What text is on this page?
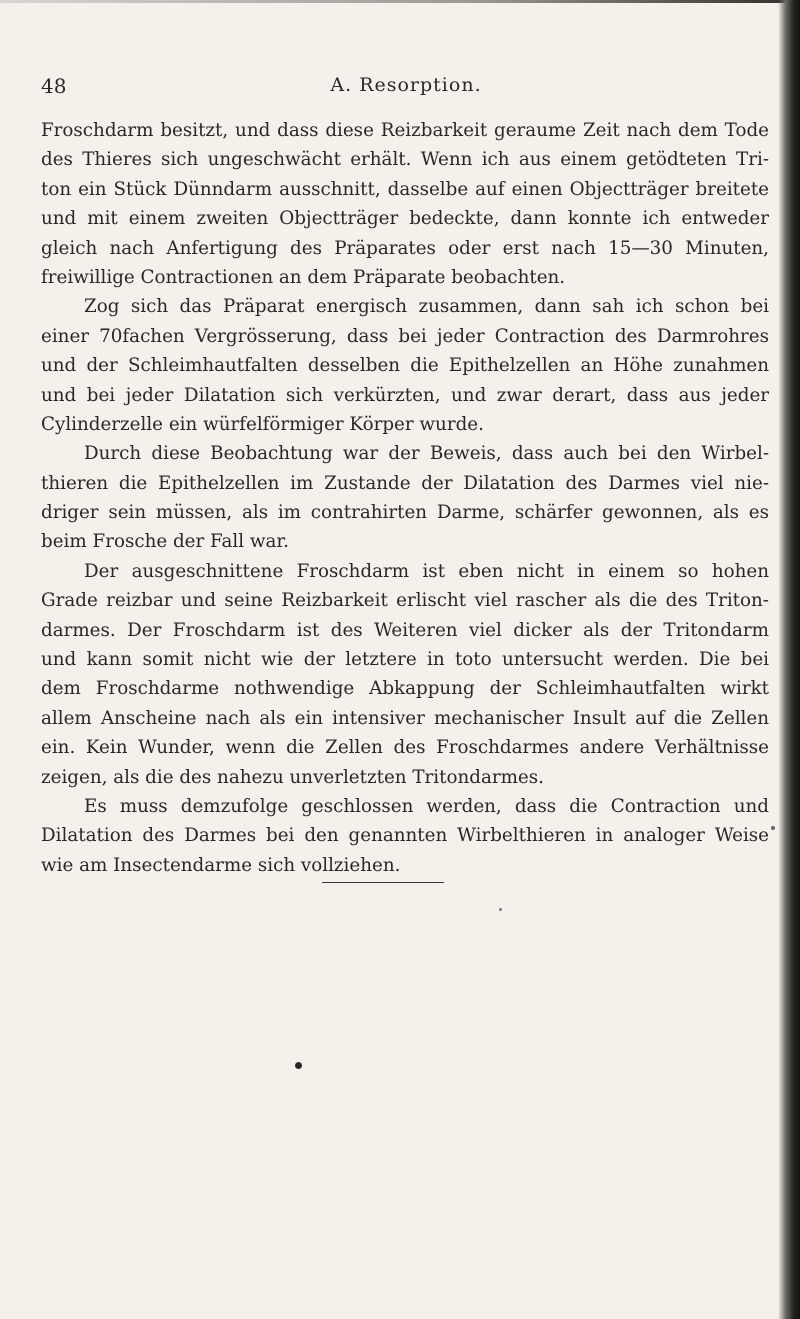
48	A. Resorption.
Froschdarm besitzt, und dass diese Reizbarkeit geraume Zeit nach dem Tode
des Thieres sich ungeschwächt erhält. Wenn ich aus einem getödteten Tri-
ton ein Stück Dünndarm ausschnitt, dasselbe auf einen Objectträger breitete
und mit einem zweiten Objectträger bedeckte, dann konnte ich entweder
gleich nach Anfertigung des Präparates oder erst nach 15—30 Minuten,
freiwillige Contractionen an dem Präparate beobachten.
Zog sich das Präparat energisch zusammen, dann sah ich schon bei
einer 70fachen Vergrösserung, dass bei jeder Contraction des Darmrohres
und der Schleimhautfalten desselben die Epithelzellen an Höhe zunahmen
und bei jeder Dilatation sich verkürzten, und zwar derart, dass aus jeder
Cylinderzelle ein würfelförmiger Körper wurde.
Durch diese Beobachtung war der Beweis, dass auch bei den Wirbel-
thieren die Epithelzellen im Zustande der Dilatation des Darmes viel nie-
driger sein müssen, als im contrahirten Darme, schärfer gewonnen, als es
beim Frosche der Fall war.
Der ausgeschnittene Froschdarm ist eben nicht in einem so hohen
Grade reizbar und seine Reizbarkeit erlischt viel rascher als die des Triton-
darmes. Der Froschdarm ist des Weiteren viel dicker als der Tritondarm
und kann somit nicht wie der letztere in toto untersucht werden. Die bei
dem Froschdarme nothwendige Abkappung der Schleimhautfalten wirkt
allem Anscheine nach als ein intensiver mechanischer Insult auf die Zellen
ein. Kein Wunder, wenn die Zellen des Froschdarmes andere Verhältnisse
zeigen, als die des nahezu unverletzten Tritondarmes.
Es muss demzufolge geschlossen werden, dass die Contraction und
Dilatation des Darmes bei den genannten Wirbelthieren in analoger Weise
wie am Insectendarme sich vollziehen.
